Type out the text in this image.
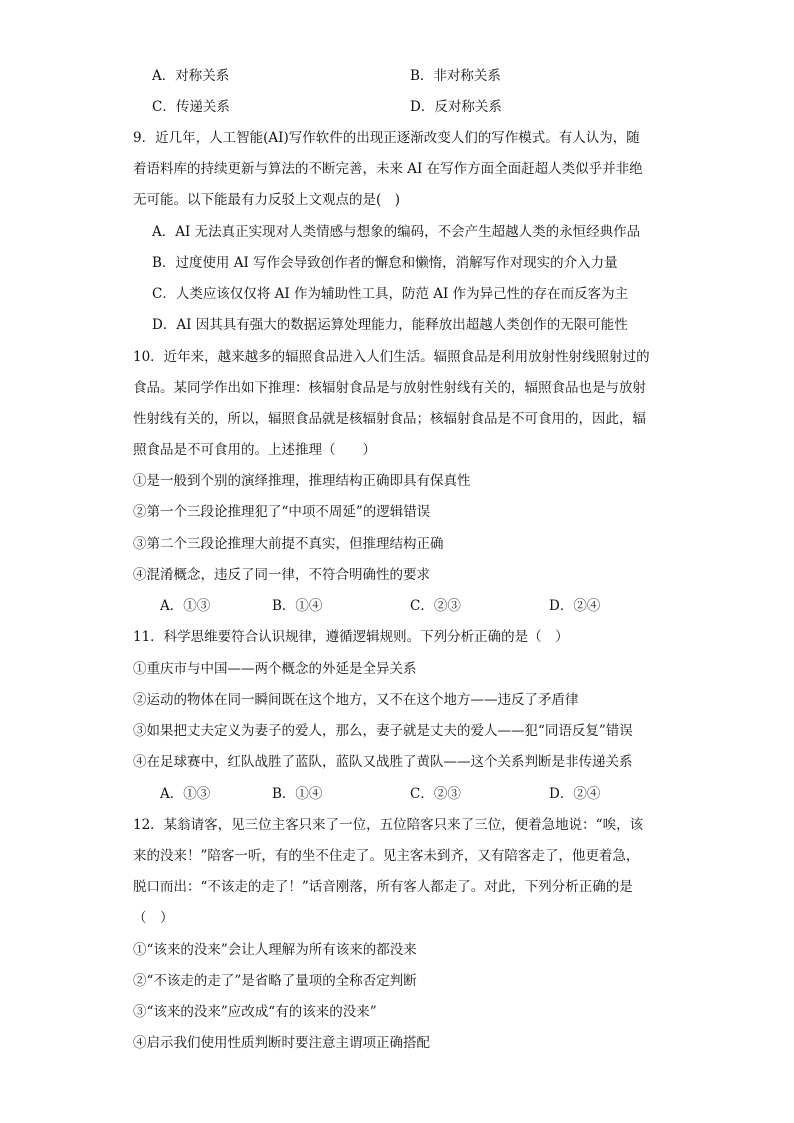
A．对称关系	B．非对称关系
C．传递关系	D．反对称关系
9．近几年，人工智能(AI)写作软件的出现正逐渐改变人们的写作模式。有人认为，随
着语料库的持续更新与算法的不断完善，未来 AI 在写作方面全面赶超人类似乎并非绝
无可能。以下能最有力反驳上文观点的是(　)
A．AI 无法真正实现对人类情感与想象的编码，不会产生超越人类的永恒经典作品
B．过度使用 AI 写作会导致创作者的懈怠和懒惰，消解写作对现实的介入力量
C．人类应该仅仅将 AI 作为辅助性工具，防范 AI 作为异己性的存在而反客为主
D．AI 因其具有强大的数据运算处理能力，能释放出超越人类创作的无限可能性
10．近年来，越来越多的辐照食品进入人们生活。辐照食品是利用放射性射线照射过的
食品。某同学作出如下推理：核辐射食品是与放射性射线有关的，辐照食品也是与放射
性射线有关的，所以，辐照食品就是核辐射食品；核辐射食品是不可食用的，因此，辐
照食品是不可食用的。上述推理（　　）
①是一般到个别的演绎推理，推理结构正确即具有保真性
②第一个三段论推理犯了“中项不周延”的逻辑错误
③第二个三段论推理大前提不真实，但推理结构正确
④混淆概念，违反了同一律，不符合明确性的要求
A．①③	B．①④	C．②③	D．②④
11．科学思维要符合认识规律，遵循逻辑规则。下列分析正确的是（　）
①重庆市与中国——两个概念的外延是全异关系
②运动的物体在同一瞬间既在这个地方，又不在这个地方——违反了矛盾律
③如果把丈夫定义为妻子的爱人，那么，妻子就是丈夫的爱人——犯“同语反复”错误
④在足球赛中，红队战胜了蓝队，蓝队又战胜了黄队——这个关系判断是非传递关系
A．①③	B．①④	C．②③	D．②④
12．某翁请客，见三位主客只来了一位，五位陪客只来了三位，便着急地说：“唉，该
来的没来！”陪客一听，有的坐不住走了。见主客未到齐，又有陪客走了，他更着急，
脱口而出：“不该走的走了！”话音刚落，所有客人都走了。对此，下列分析正确的是
（　）
①“该来的没来”会让人理解为所有该来的都没来
②“不该走的走了”是省略了量项的全称否定判断
③“该来的没来”应改成“有的该来的没来”
④启示我们使用性质判断时要注意主谓项正确搭配
